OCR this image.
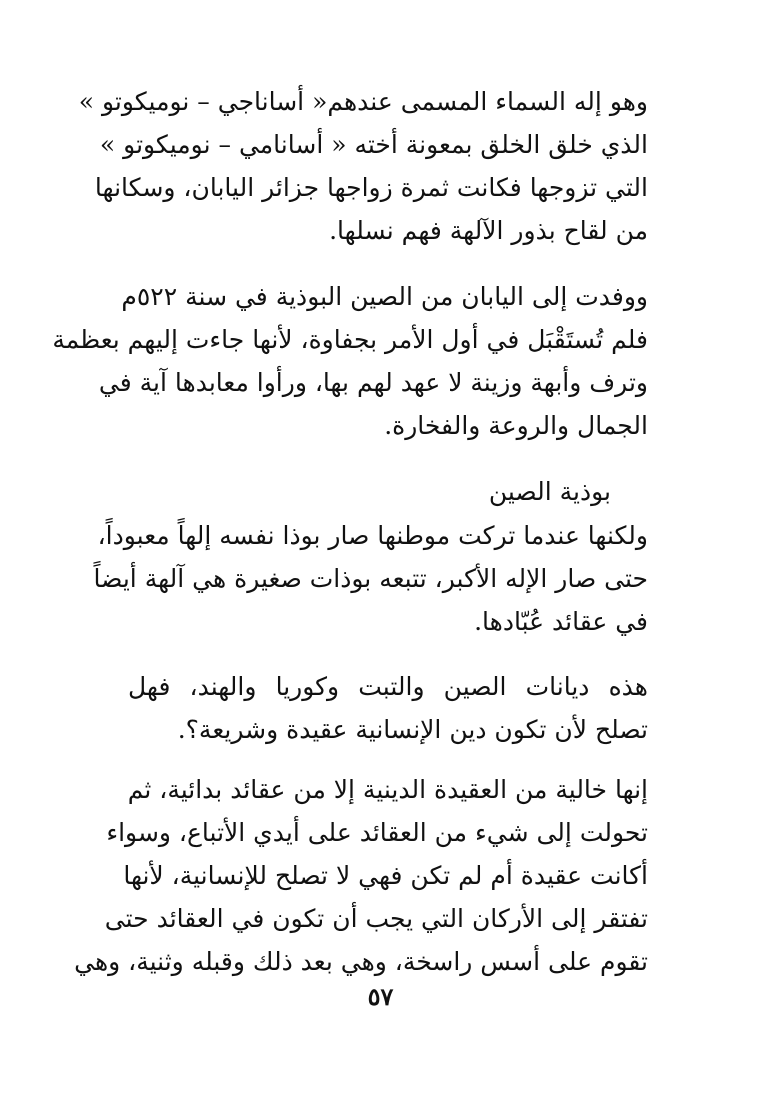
وهو إله السماء المسمى عندهم« أساناجي – نوميكوتو »
الذي خلق الخلق بمعونة أخته « أسانامي – نوميكوتو »
التي تزوجها فكانت ثمرة زواجها جزائر اليابان، وسكانها
من لقاح بذور الآلهة فهم نسلها.
ووفدت إلى اليابان من الصين البوذية في سنة ٥٢٢م
فلم تُستَقْبَل في أول الأمر بجفاوة، لأنها جاءت إليهم بعظمة
وترف وأبهة وزينة لا عهد لهم بها، ورأوا معابدها آية في
الجمال والروعة والفخارة.
بوذية الصين
ولكنها عندما تركت موطنها صار بوذا نفسه إلهاً معبوداً،
حتى صار الإله الأكبر، تتبعه بوذات صغيرة هي آلهة أيضاً
في عقائد عُبّادها.
هذه ديانات الصين والتبت وكوريا والهند، فهل
تصلح لأن تكون دين الإنسانية عقيدة وشريعة؟.
إنها خالية من العقيدة الدينية إلا من عقائد بدائية، ثم
تحولت إلى شيء من العقائد على أيدي الأتباع، وسواء
أكانت عقيدة أم لم تكن فهي لا تصلح للإنسانية، لأنها
تفتقر إلى الأركان التي يجب أن تكون في العقائد حتى
تقوم على أسس راسخة، وهي بعد ذلك وقبله وثنية، وهي
٥٧
